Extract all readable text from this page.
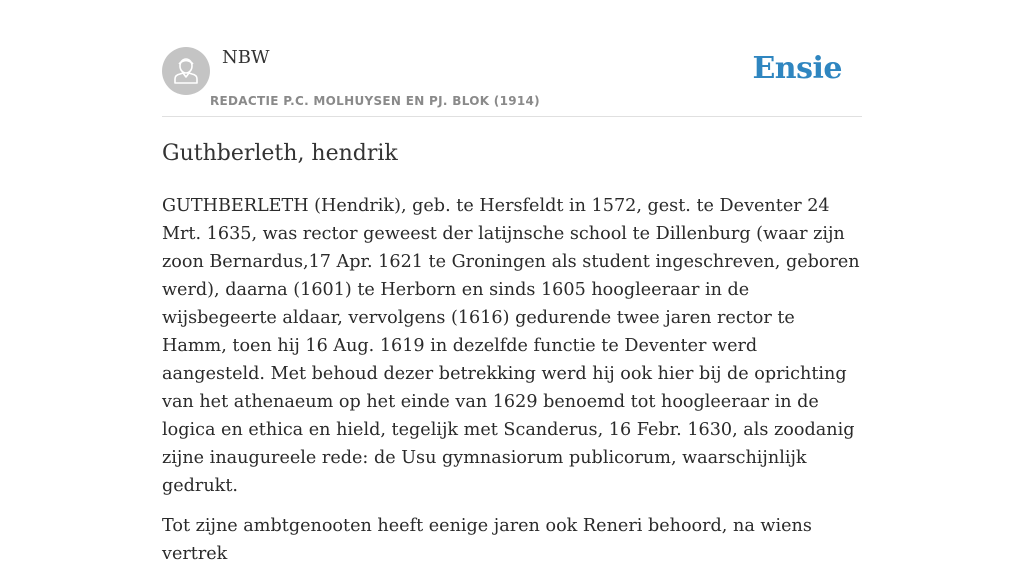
NBW
REDACTIE P.C. MOLHUYSEN EN PJ. BLOK (1914)
Ensie
Guthberleth, hendrik

GUTHBERLETH (Hendrik), geb. te Hersfeldt in 1572, gest. te Deventer 24 Mrt. 1635, was rector geweest der latijnsche school te Dillenburg (waar zijn zoon Bernardus,17 Apr. 1621 te Groningen als student ingeschreven, geboren werd), daarna (1601) te Herborn en sinds 1605 hoogleeraar in de wijsbegeerte aldaar, vervolgens (1616) gedurende twee jaren rector te Hamm, toen hij 16 Aug. 1619 in dezelfde functie te Deventer werd aangesteld. Met behoud dezer betrekking werd hij ook hier bij de oprichting van het athenaeum op het einde van 1629 benoemd tot hoogleeraar in de logica en ethica en hield, tegelijk met Scanderus, 16 Febr. 1630, als zoodanig zijne inaugureele rede: de Usu gymnasiorum publicorum, waarschijnlijk gedrukt.

Tot zijne ambtgenooten heeft eenige jaren ook Reneri behoord, na wiens vertrek
